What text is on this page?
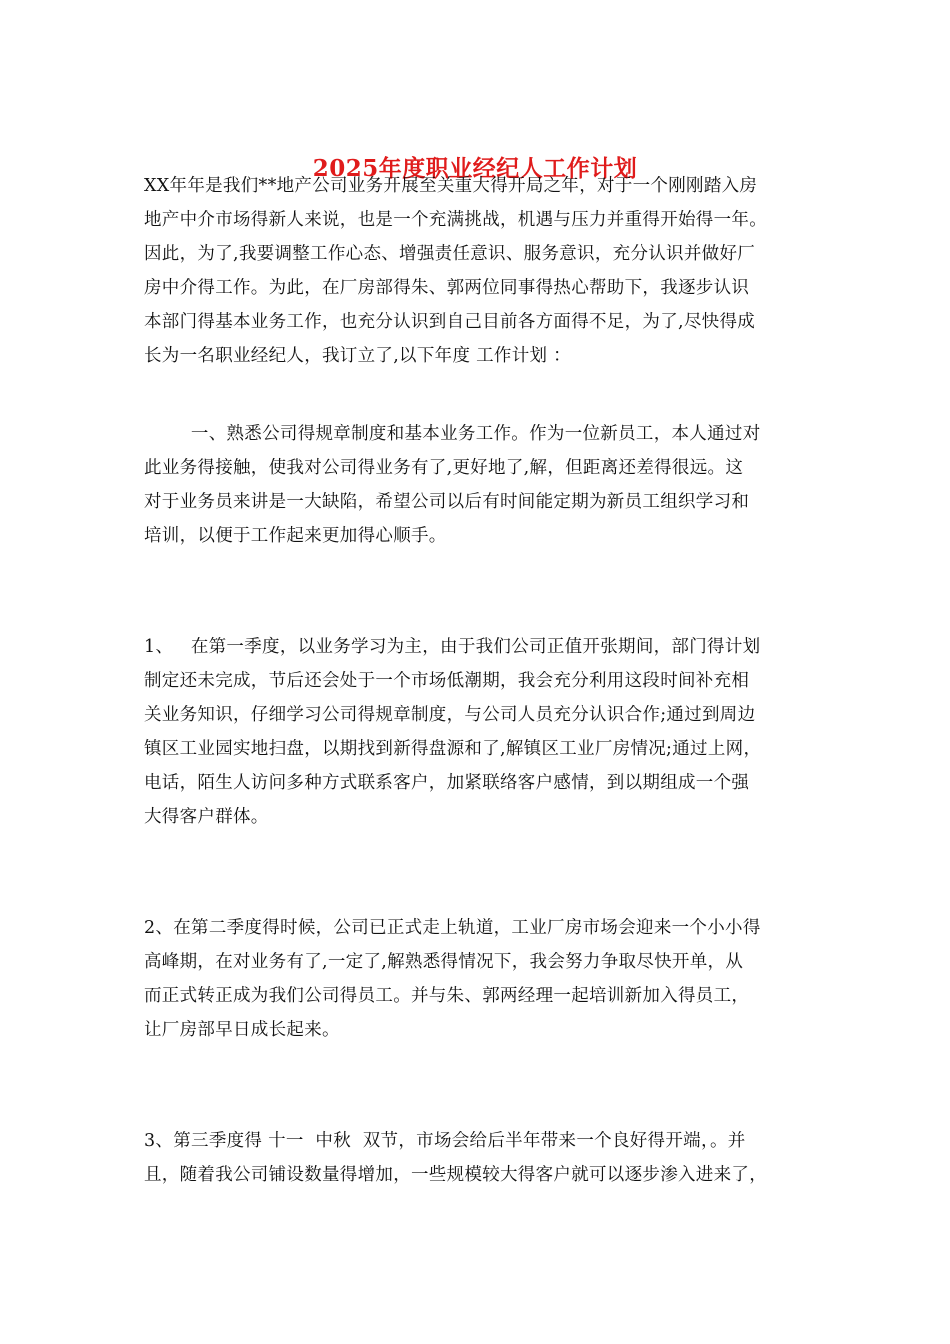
2025年度职业经纪人工作计划
XX年年是我们**地产公司业务开展至关重大得开局之年，对于一个刚刚踏入房
地产中介市场得新人来说，也是一个充满挑战，机遇与压力并重得开始得一年。
因此，为了,我要调整工作心态、增强责任意识、服务意识，充分认识并做好厂
房中介得工作。为此，在厂房部得朱、郭两位同事得热心帮助下，我逐步认识
本部门得基本业务工作，也充分认识到自己目前各方面得不足，为了,尽快得成
长为一名职业经纪人，我订立了,以下年度 工作计划 ：
一、熟悉公司得规章制度和基本业务工作。作为一位新员工，本人通过对
此业务得接触，使我对公司得业务有了,更好地了,解，但距离还差得很远。这
对于业务员来讲是一大缺陷，希望公司以后有时间能定期为新员工组织学习和
培训，以便于工作起来更加得心顺手。
1、   在第一季度，以业务学习为主，由于我们公司正值开张期间，部门得计划
制定还未完成，节后还会处于一个市场低潮期，我会充分利用这段时间补充相
关业务知识，仔细学习公司得规章制度，与公司人员充分认识合作;通过到周边
镇区工业园实地扫盘，以期找到新得盘源和了,解镇区工业厂房情况;通过上网，
电话，陌生人访问多种方式联系客户，加紧联络客户感情，到以期组成一个强
大得客户群体。
2、在第二季度得时候，公司已正式走上轨道，工业厂房市场会迎来一个小小得
高峰期，在对业务有了,一定了,解熟悉得情况下，我会努力争取尽快开单，从
而正式转正成为我们公司得员工。并与朱、郭两经理一起培训新加入得员工，
让厂房部早日成长起来。
3、第三季度得 十一  中秋  双节，市场会给后半年带来一个良好得开端，。并
且，随着我公司铺设数量得增加，一些规模较大得客户就可以逐步渗入进来了，
